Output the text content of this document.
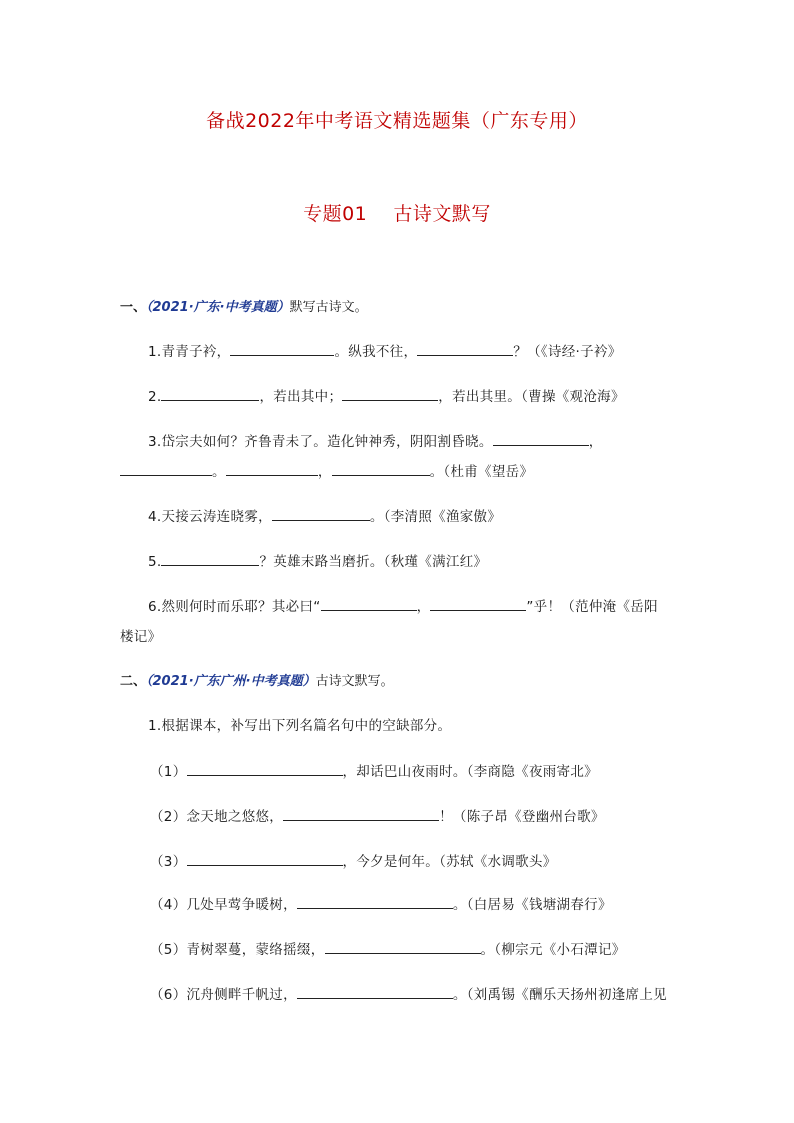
备战2022年中考语文精选题集（广东专用）
专题01    古诗文默写
一、（2021·广东·中考真题）默写古诗文。
1.青青子衿，	。纵我不往，	？（《诗经·子衿》
2.	，若出其中；	，若出其里。（曹操《观沧海》
3.岱宗夫如何？齐鲁青未了。造化钟神秀，阴阳割昏晓。	，
。	，	。（杜甫《望岳》
4.天接云涛连晓雾，	。（李清照《渔家傲》
5.	？英雄末路当磨折。（秋瑾《满江红》
6.然则何时而乐耶？其必曰“	，	”乎！（范仲淹《岳阳
楼记》
二、（2021·广东广州·中考真题）古诗文默写。
1.根据课本，补写出下列名篇名句中的空缺部分。
（1）	，却话巴山夜雨时。（李商隐《夜雨寄北》
（2）念天地之悠悠，	！（陈子昂《登幽州台歌》
（3）	，今夕是何年。（苏轼《水调歌头》
（4）几处早莺争暖树，	。（白居易《钱塘湖春行》
（5）青树翠蔓，蒙络摇缀，	。（柳宗元《小石潭记》
（6）沉舟侧畔千帆过，	。（刘禹锡《酬乐天扬州初逢席上见
